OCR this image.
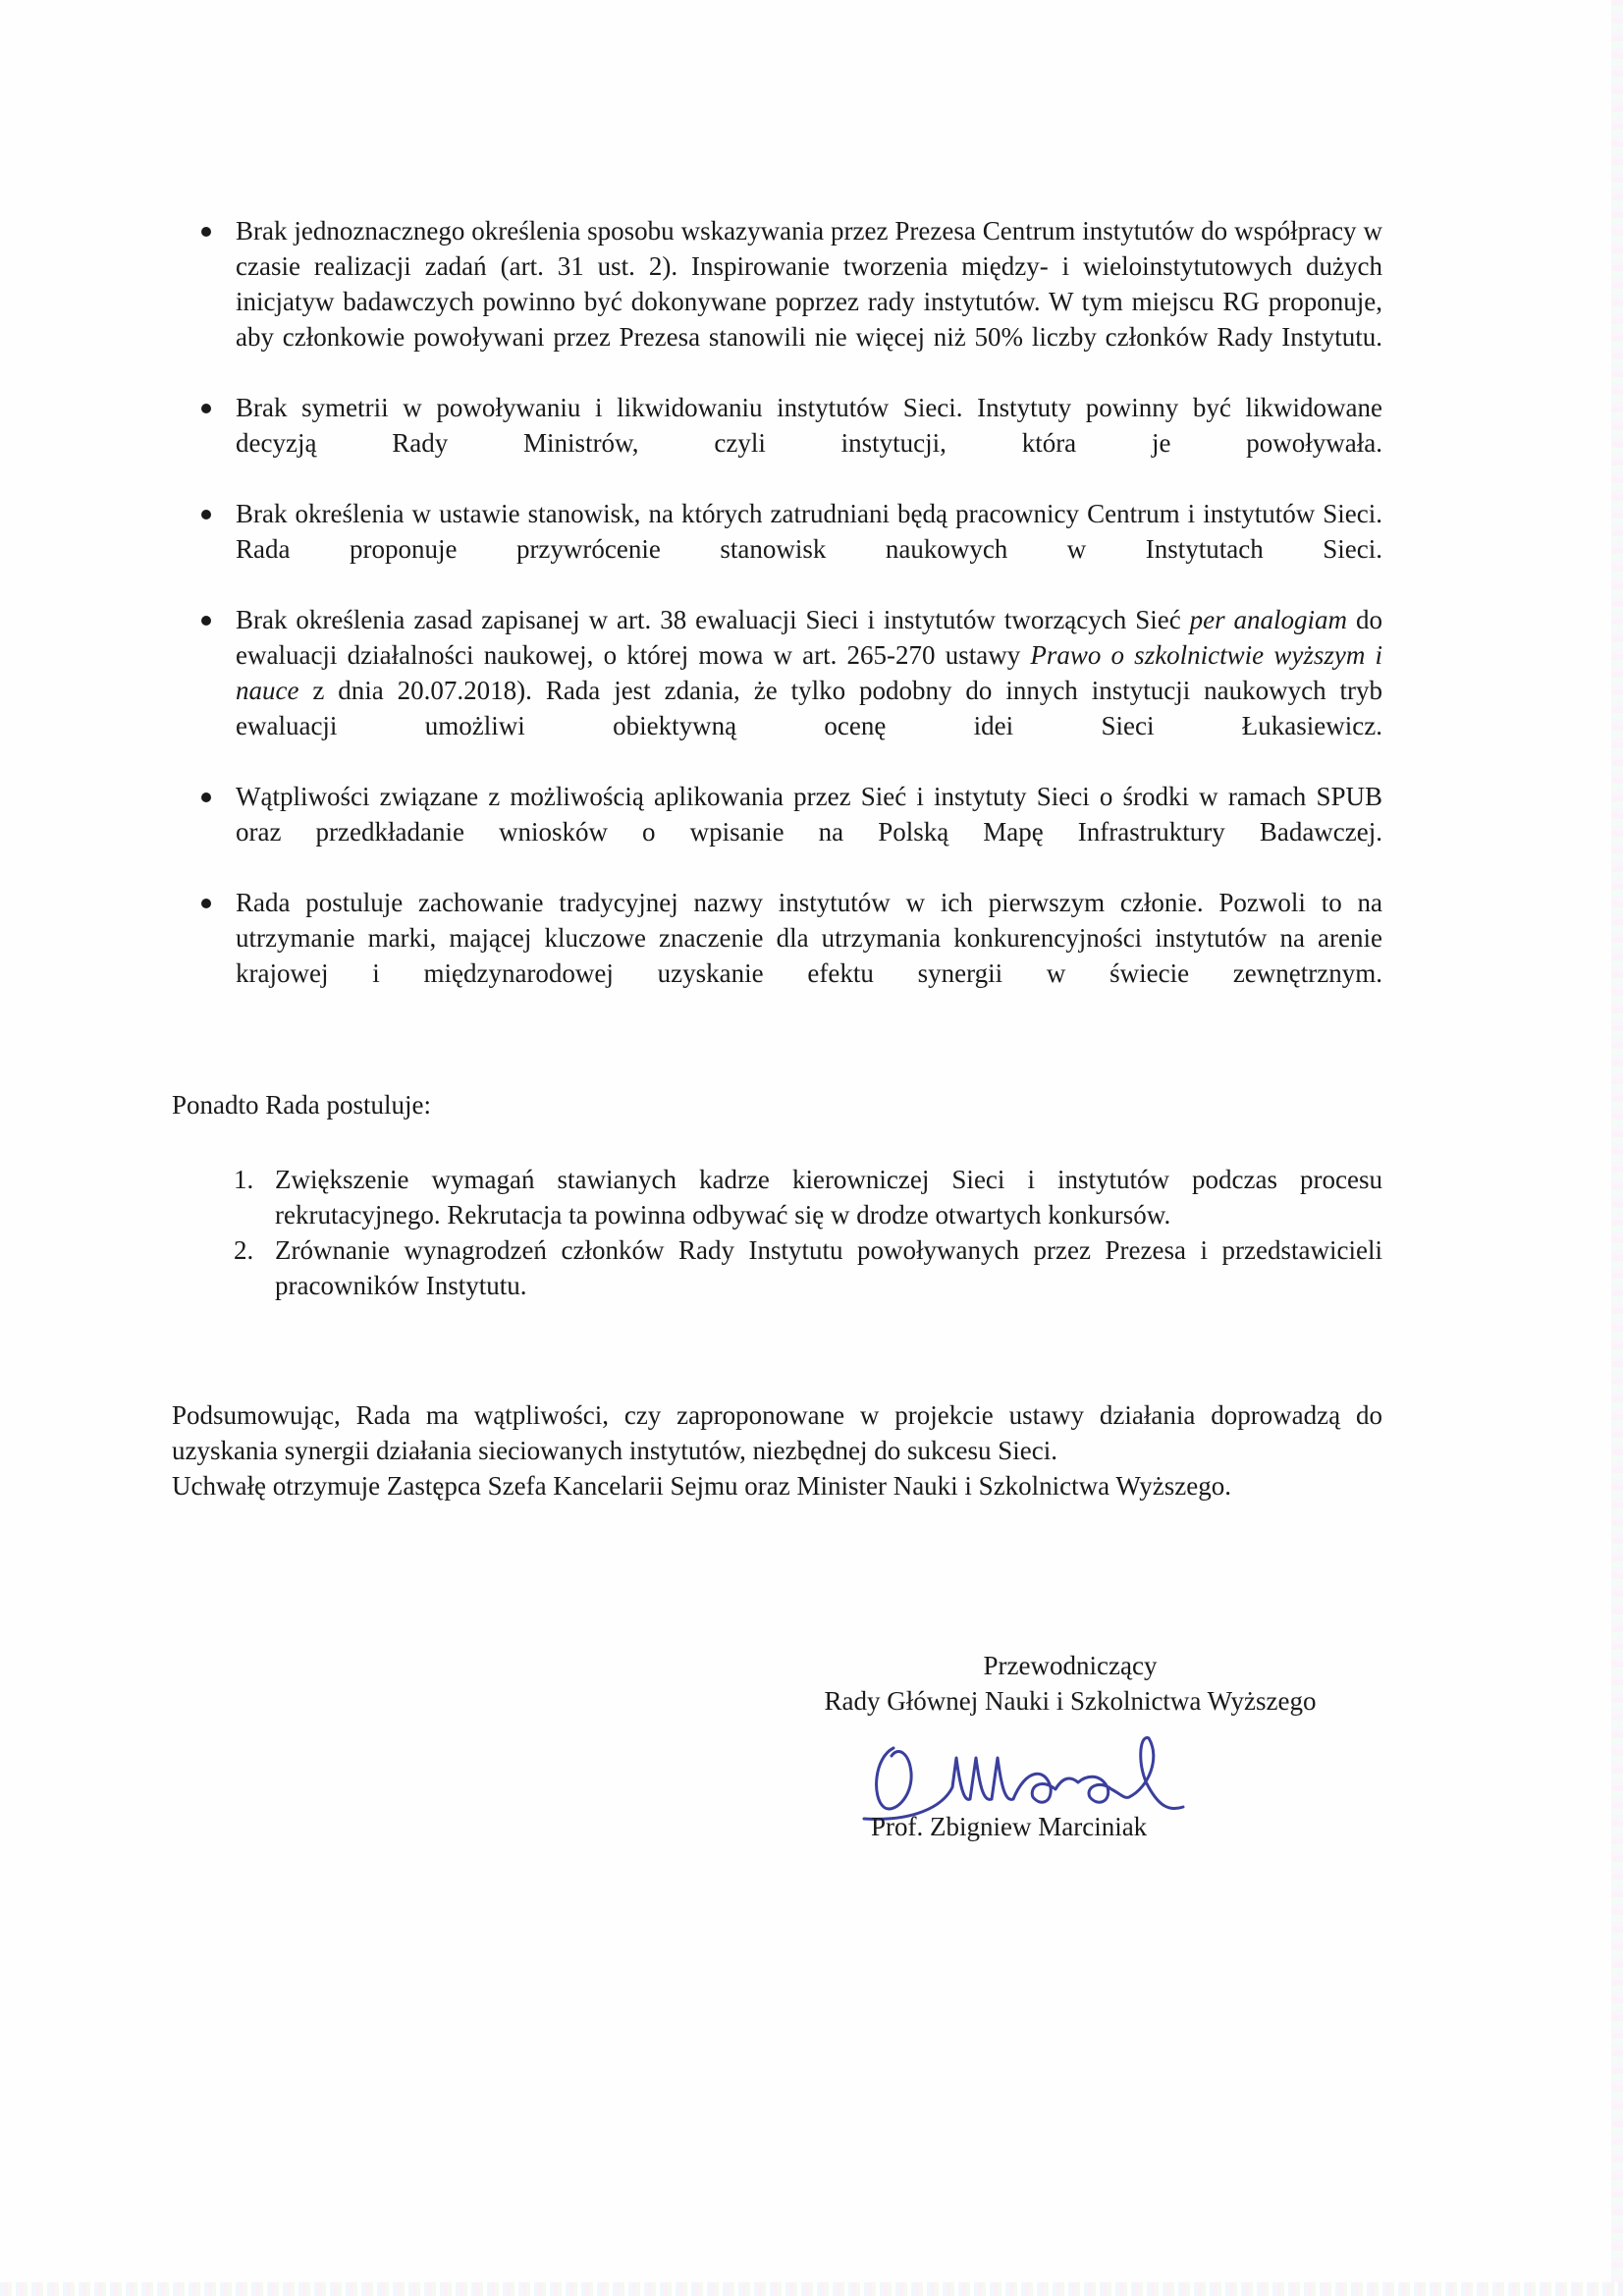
Brak jednoznacznego określenia sposobu wskazywania przez Prezesa Centrum instytutów do współpracy w czasie realizacji zadań (art. 31 ust. 2). Inspirowanie tworzenia między- i wieloinstytutowych dużych inicjatyw badawczych powinno być dokonywane poprzez rady instytutów. W tym miejscu RG proponuje, aby członkowie powoływani przez Prezesa stanowili nie więcej niż 50% liczby członków Rady Instytutu.
Brak symetrii w powoływaniu i likwidowaniu instytutów Sieci. Instytuty powinny być likwidowane decyzją Rady Ministrów, czyli instytucji, która je powoływała.
Brak określenia w ustawie stanowisk, na których zatrudniani będą pracownicy Centrum i instytutów Sieci. Rada proponuje przywrócenie stanowisk naukowych w Instytutach Sieci.
Brak określenia zasad zapisanej w art. 38 ewaluacji Sieci i instytutów tworzących Sieć per analogiam do ewaluacji działalności naukowej, o której mowa w art. 265-270 ustawy Prawo o szkolnictwie wyższym i nauce z dnia 20.07.2018). Rada jest zdania, że tylko podobny do innych instytucji naukowych tryb ewaluacji umożliwi obiektywną ocenę idei Sieci Łukasiewicz.
Wątpliwości związane z możliwością aplikowania przez Sieć i instytuty Sieci o środki w ramach SPUB oraz przedkładanie wniosków o wpisanie na Polską Mapę Infrastruktury Badawczej.
Rada postuluje zachowanie tradycyjnej nazwy instytutów w ich pierwszym członie. Pozwoli to na utrzymanie marki, mającej kluczowe znaczenie dla utrzymania konkurencyjności instytutów na arenie krajowej i międzynarodowej uzyskanie efektu synergii w świecie zewnętrznym.
Ponadto Rada postuluje:
1. Zwiększenie wymagań stawianych kadrze kierowniczej Sieci i instytutów podczas procesu rekrutacyjnego. Rekrutacja ta powinna odbywać się w drodze otwartych konkursów.
2. Zrównanie wynagrodzeń członków Rady Instytutu powoływanych przez Prezesa i przedstawicieli pracowników Instytutu.

Podsumowując, Rada ma wątpliwości, czy zaproponowane w projekcie ustawy działania doprowadzą do uzyskania synergii działania sieciowanych instytutów, niezbędnej do sukcesu Sieci.

Uchwałę otrzymuje Zastępca Szefa Kancelarii Sejmu oraz Minister Nauki i Szkolnictwa Wyższego.

Przewodniczący
Rady Głównej Nauki i Szkolnictwa Wyższego
Prof. Zbigniew Marciniak
